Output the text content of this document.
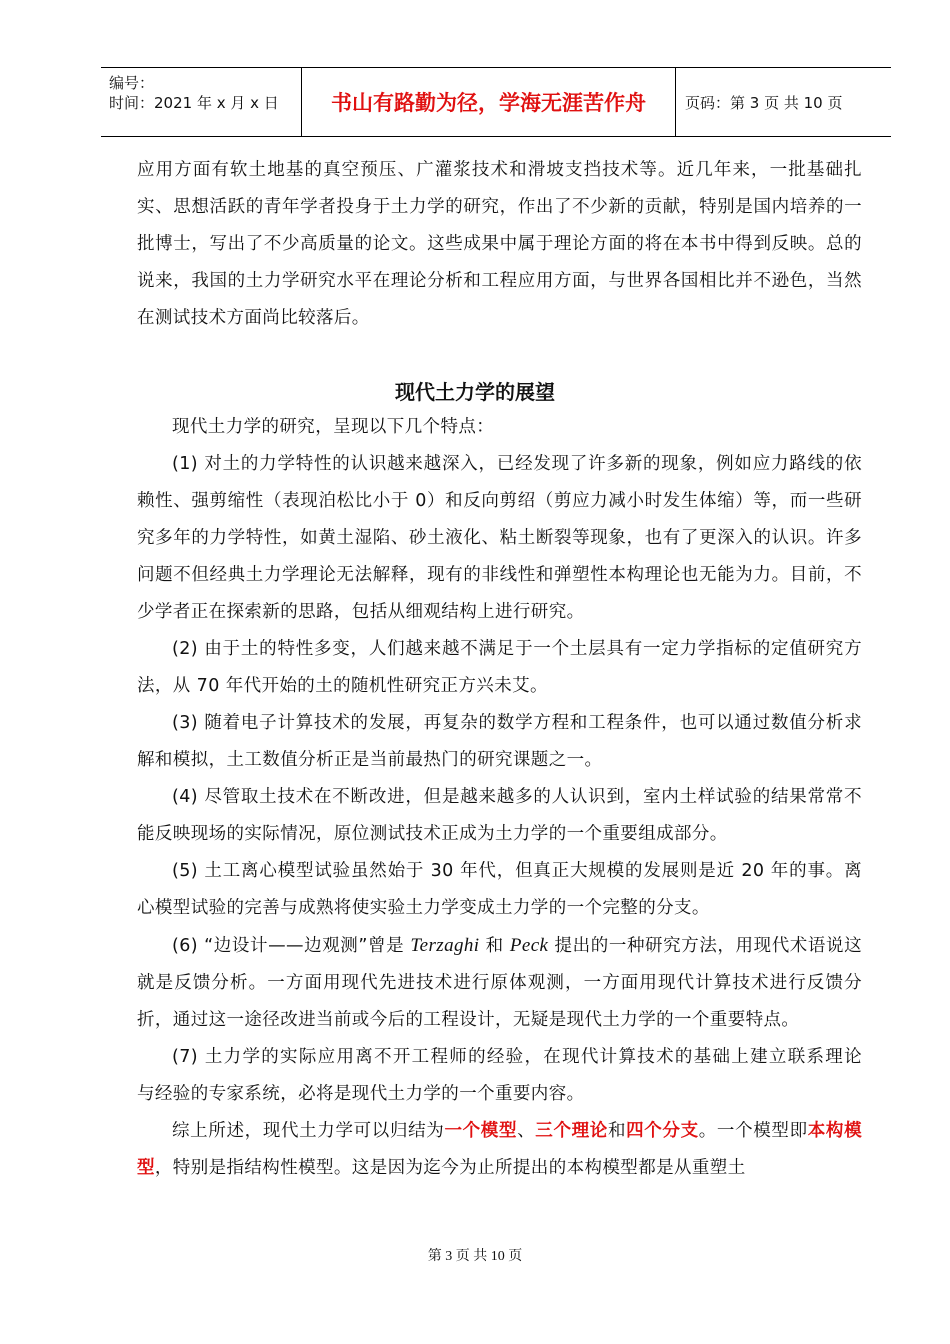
编号：
时间：2021 年 x 月 x 日	书山有路勤为径，学海无涯苦作舟	页码：第 3 页 共 10 页

应用方面有软土地基的真空预压、广灌浆技术和滑坡支挡技术等。近几年来，一批基础扎实、思想活跃的青年学者投身于土力学的研究，作出了不少新的贡献，特别是国内培养的一批博士，写出了不少高质量的论文。这些成果中属于理论方面的将在本书中得到反映。总的说来，我国的土力学研究水平在理论分析和工程应用方面，与世界各国相比并不逊色，当然在测试技术方面尚比较落后。

现代土力学的展望

现代土力学的研究，呈现以下几个特点：

(1) 对土的力学特性的认识越来越深入，已经发现了许多新的现象，例如应力路线的依赖性、强剪缩性（表现泊松比小于 0）和反向剪绍（剪应力减小时发生体缩）等，而一些研究多年的力学特性，如黄土湿陷、砂土液化、粘土断裂等现象，也有了更深入的认识。许多问题不但经典土力学理论无法解释，现有的非线性和弹塑性本构理论也无能为力。目前，不少学者正在探索新的思路，包括从细观结构上进行研究。

(2) 由于土的特性多变，人们越来越不满足于一个土层具有一定力学指标的定值研究方法，从 70 年代开始的土的随机性研究正方兴未艾。

(3) 随着电子计算技术的发展，再复杂的数学方程和工程条件，也可以通过数值分析求解和模拟，土工数值分析正是当前最热门的研究课题之一。

(4) 尽管取土技术在不断改进，但是越来越多的人认识到，室内土样试验的结果常常不能反映现场的实际情况，原位测试技术正成为土力学的一个重要组成部分。

(5) 土工离心模型试验虽然始于 30 年代，但真正大规模的发展则是近 20 年的事。离心模型试验的完善与成熟将使实验土力学变成土力学的一个完整的分支。

(6) “边设计——边观测”曾是 Terzaghi 和 Peck 提出的一种研究方法，用现代术语说这就是反馈分析。一方面用现代先进技术进行原体观测，一方面用现代计算技术进行反馈分折，通过这一途径改进当前或今后的工程设计，无疑是现代土力学的一个重要特点。

(7) 土力学的实际应用离不开工程师的经验，在现代计算技术的基础上建立联系理论　与经验的专家系统，必将是现代土力学的一个重要内容。

综上所述，现代土力学可以归结为一个模型、三个理论和四个分支。一个模型即本构模型，特别是指结构性模型。这是因为迄今为止所提出的本构模型都是从重塑土

第 3 页 共 10 页
